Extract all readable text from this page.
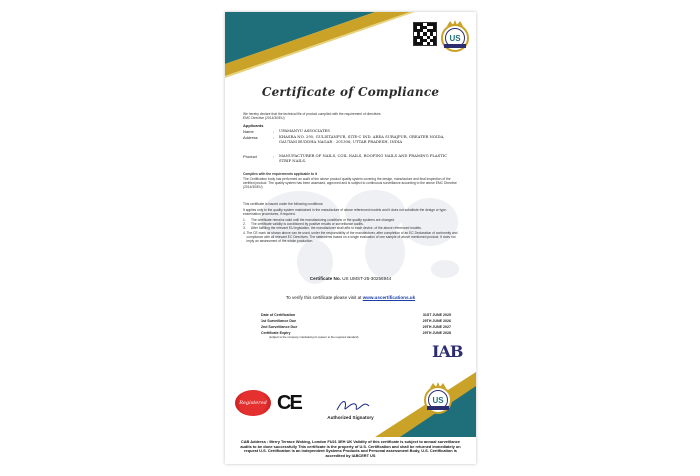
US
Certificate of Compliance
We hereby declare that the technical file of product complied with the requirement of directives
EMC Directive (2014/30/EU)
Applicants
Name	:	UPAMANYU ASSOCIATES
Address	:	KHASRA NO. 295, GULISTANPUR, SITE-C IND. AREA SURAJPUR, GREATER NOIDA, GAUTAM BUDDHA NAGAR - 201306, UTTAR PRADESH, INDIA
Product	:	MANUFACTURER OF NAILS, COIL NAILS, ROOFING NAILS AND FRAMING PLASTIC STRIP NAILS.
Complies with the requirements applicable to it
The Certification body has performed an audit of the above product quality system covering the design, manufacture and final inspection of the certified product. The quality system has been assessed, approved and is subject to continuous surveillance according to the above EMC Directive (2014/30/EU)
This certificate is issued under the following conditions:
It applies only to the quality system maintained in the manufacture of above referenced models and it does not substitute the design or type-examination procedures, if required.
1.	The certificate remains valid until the manufacturing conditions or the quality systems are changed.
2.	The certificate validity is conditioned by positive results or surveillance audits.
3.	After fulfilling the relevant EU legislation, the manufacturer shall affix to each device, of the above referenced models.
4. The CE mark as shown above can be used, under the responsibility of the manufacturer, after completion of an EC Declaration of conformity and compliance with all relevant EC Directives. The statements based on a single evaluation of one sample of above mentioned product. It does not imply an assessment of the whole production.
Certificate No. US UMST-25-30256944
To verify this certificate please visit at www.uscertifications.uk
Date of Certification	31ST JUNE 2025
1st Surveillance Due	29TH JUNE 2026
2nd Surveillance Due	29TH JUNE 2027
Certificate Expiry	29TH JUNE 2028
(subject to the company maintaining its system to the required standard)
IAB
US
Registered CE
Authorized Signatory
CAB Address : Merry Terrace Woking, London FU21 3EH UK Validity of this certificate is subject to annual surveillance audits to be done successfully This certificate is the property of U.S. Certification and shall be returned immediately on request U.S. Certification is an independent Systems Products and Personal assessment Body, U.S. Certification is accredited by IABCERT US
